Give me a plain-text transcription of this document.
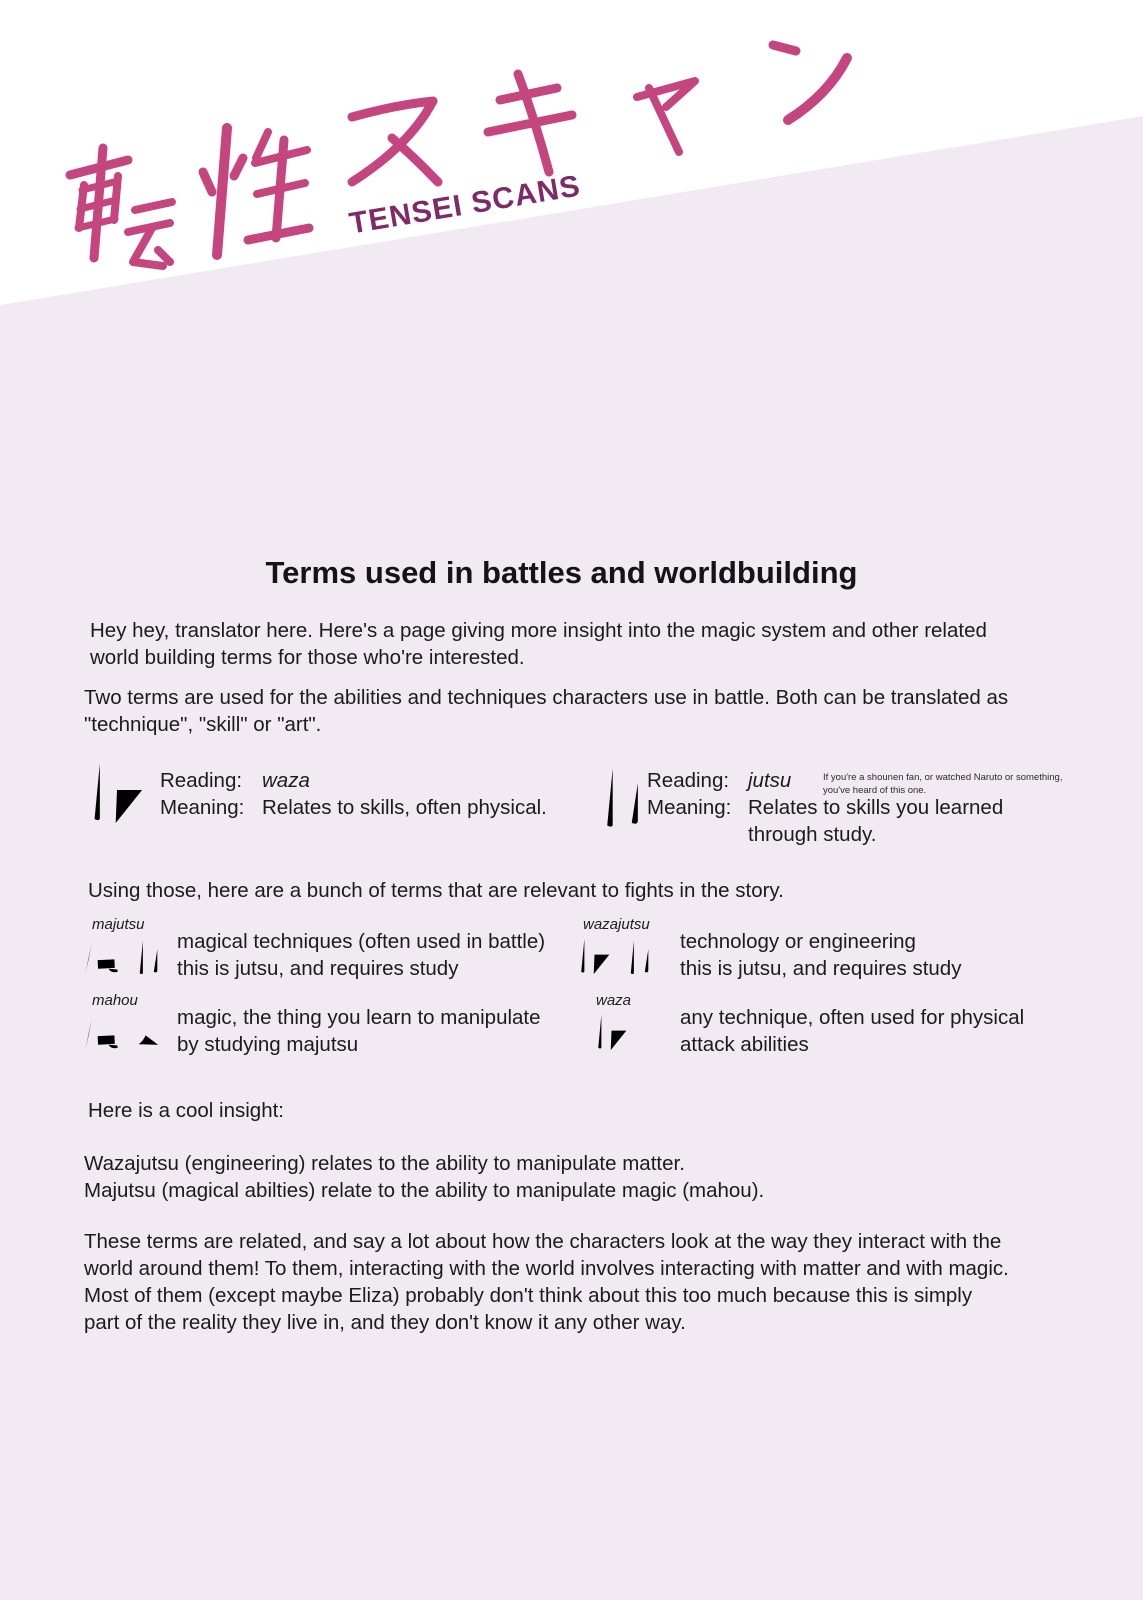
TENSEI SCANS
Terms used in battles and worldbuilding
Hey hey, translator here. Here's a page giving more insight into the magic system and other related world building terms for those who're interested.
Two terms are used for the abilities and techniques characters use in battle. Both can be translated as "technique", "skill" or "art".
Reading: waza
Meaning: Relates to skills, often physical.
Reading: jutsu	If you're a shounen fan, or watched Naruto or something, you've heard of this one.
Meaning: Relates to skills you learned through study.
Using those, here are a bunch of terms that are relevant to fights in the story.
majutsu
magical techniques (often used in battle)
this is jutsu, and requires study
wazajutsu
technology or engineering
this is jutsu, and requires study
mahou
magic, the thing you learn to manipulate
by studying majutsu
waza
any technique, often used for physical
attack abilities
Here is a cool insight:
Wazajutsu (engineering) relates to the ability to manipulate matter.
Majutsu (magical abilties) relate to the ability to manipulate magic (mahou).
These terms are related, and say a lot about how the characters look at the way they interact with the
world around them! To them, interacting with the world involves interacting with matter and with magic.
Most of them (except maybe Eliza) probably don't think about this too much because this is simply
part of the reality they live in, and they don't know it any other way.
